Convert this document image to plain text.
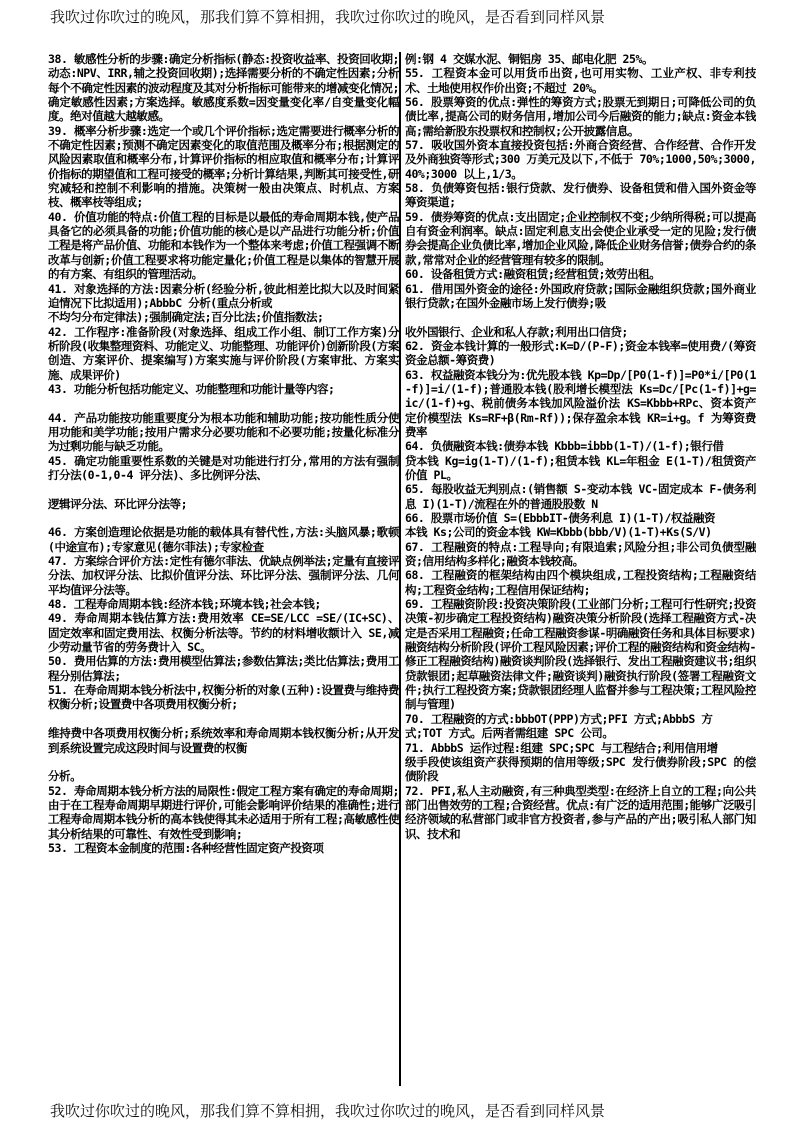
我吹过你吹过的晚风，那我们算不算相拥，我吹过你吹过的晚风，是否看到同样风景

38. 敏感性分析的步骤:确定分析指标(静态:投资收益率、投资回收期;动态:NPV、IRR,辅之投资回收期);选择需要分析的不确定性因素;分析每个不确定性因素的波动程度及其对分析指标可能带来的增减变化情况;确定敏感性因素;方案选择。敏感度系数=因变量变化率/自变量变化幅度。绝对值越大越敏感。

39. 概率分析步骤:选定一个或几个评价指标;选定需要进行概率分析的不确定性因素;预测不确定因素变化的取值范围及概率分布;根据测定的风险因素取值和概率分布,计算评价指标的相应取值和概率分布;计算评价指标的期望值和工程可接受的概率;分析计算结果,判断其可接受性,研究减轻和控制不利影响的措施。决策树一般由决策点、时机点、方案枝、概率枝等组成;

40. 价值功能的特点:价值工程的目标是以最低的寿命周期本钱,使产品具备它的必须具备的功能;价值功能的核心是以产品进行功能分析;价值工程是将产品价值、功能和本钱作为一个整体来考虑;价值工程强调不断改革与创新;价值工程要求将功能定量化;价值工程是以集体的智慧开展的有方案、有组织的管理活动。

41. 对象选择的方法:因素分析(经验分析,彼此相差比拟大以及时间紧迫情况下比拟适用);AbbbC 分析(重点分析或

不均匀分布定律法);强制确定法;百分比法;价值指数法;

42. 工作程序:准备阶段(对象选择、组成工作小组、制订工作方案)分析阶段(收集整理资料、功能定义、功能整理、功能评价)创新阶段(方案创造、方案评价、提案编写)方案实施与评价阶段(方案审批、方案实施、成果评价)

43. 功能分析包括功能定义、功能整理和功能计量等内容;

44. 产品功能按功能重要度分为根本功能和辅助功能;按功能性质分使用功能和美学功能;按用户需求分必要功能和不必要功能;按量化标准分为过剩功能与缺乏功能。

45. 确定功能重要性系数的关键是对功能进行打分,常用的方法有强制打分法(0-1,0-4 评分法)、多比例评分法、

逻辑评分法、环比评分法等;

46. 方案创造理论依据是功能的载体具有替代性,方法:头脑风暴;歌顿(中途宣布);专家意见(德尔菲法);专家检查

47. 方案综合评价方法:定性有德尔菲法、优缺点例举法;定量有直接评分法、加权评分法、比拟价值评分法、环比评分法、强制评分法、几何平均值评分法等。

48. 工程寿命周期本钱:经济本钱;环境本钱;社会本钱;

49. 寿命周期本钱估算方法:费用效率 CE=SE/LCC =SE/(IC+SC)、固定效率和固定费用法、权衡分析法等。节约的材料增收额计入 SE,减少劳动量节省的劳务费计入 SC。

50. 费用估算的方法:费用模型估算法;参数估算法;类比估算法;费用工程分别估算法;

51. 在寿命周期本钱分析法中,权衡分析的对象(五种):设置费与维持费权衡分析;设置费中各项费用权衡分析;

维持费中各项费用权衡分析;系统效率和寿命周期本钱权衡分析;从开发到系统设置完成这段时间与设置费的权衡

分析。

52. 寿命周期本钱分析方法的局限性:假定工程方案有确定的寿命周期;由于在工程寿命周期早期进行评价,可能会影响评价结果的准确性;进行工程寿命周期本钱分析的高本钱使得其未必适用于所有工程;高敏感性使其分析结果的可靠性、有效性受到影响;

53. 工程资本金制度的范围:各种经营性固定资产投资项

例:钢 4 交媒水泥、铜铝房 35、邮电化肥 25%。

55. 工程资本金可以用货币出资,也可用实物、工业产权、非专利技术、土地使用权作价出资;不超过 20%。

56. 股票筹资的优点:弹性的筹资方式;股票无到期日;可降低公司的负债比率,提高公司的财务信用,增加公司今后融资的能力;缺点:资金本钱高;需给新股东投票权和控制权;公开披露信息。

57. 吸收国外资本直接投资包括:外商合资经营、合作经营、合作开发及外商独资等形式;300 万美元及以下,不低于 70%;1000,50%;3000,40%;3000 以上,1/3。

58. 负债筹资包括:银行贷款、发行债券、设备租赁和借入国外资金等筹资渠道;

59. 债券筹资的优点:支出固定;企业控制权不变;少纳所得税;可以提高自有资金利润率。缺点:固定利息支出会使企业承受一定的见险;发行债券会提高企业负债比率,增加企业风险,降低企业财务信誉;债券合约的条款,常常对企业的经营管理有较多的限制。

60. 设备租赁方式:融资租赁;经营租赁;效劳出租。

61. 借用国外资金的途径:外国政府贷款;国际金融组织贷款;国外商业银行贷款;在国外金融市场上发行债券;吸

收外国银行、企业和私人存款;利用出口信贷;

62. 资金本钱计算的一般形式:K=D/(P-F);资金本钱率=使用费/(筹资资金总额-筹资费)

63. 权益融资本钱分为:优先股本钱 Kp=Dp/[P0(1-f)]=P0*i/[P0(1-f)]=i/(1-f);普通股本钱(股利增长模型法 Ks=Dc/[Pc(1-f)]+g=ic/(1-f)+g、税前债务本钱加风险溢价法 KS=Kbbb+RPc、资本资产定价模型法 Ks=RF+β(Rm-Rf));保存盈余本钱 KR=i+g。f 为筹资费费率

64. 负债融资本钱:债券本钱 Kbbb=ibbb(1-T)/(1-f);银行借

贷本钱 Kg=ig(1-T)/(1-f);租赁本钱 KL=年租金 E(1-T)/租赁资产价值 PL。

65. 每股收益无判别点:(销售额 S-变动本钱 VC-固定成本 F-债务利息 I)(1-T)/流程在外的普通股股数 N

66. 股票市场价值 S=(EbbbIT-债务利息 I)(1-T)/权益融资

本钱 Ks;公司的资金本钱 KW=Kbbb(bbb/V)(1-T)+Ks(S/V)

67. 工程融资的特点:工程导向;有限追索;风险分担;非公司负债型融资;信用结构多样化;融资本钱较高。

68. 工程融资的框架结构由四个模块组成,工程投资结构;工程融资结构;工程资金结构;工程信用保证结构;

69. 工程融资阶段:投资决策阶段(工业部门分析;工程可行性研究;投资决策-初步确定工程投资结构)融资决策分析阶段(选择工程融资方式-决定是否采用工程融资;任命工程融资参谋-明确融资任务和具体目标要求)融资结构分析阶段(评价工程风险因素;评价工程的融资结构和资金结构-修正工程融资结构)融资谈判阶段(选择银行、发出工程融资建议书;组织贷款银团;起草融资法律文件;融资谈判)融资执行阶段(签署工程融资文件;执行工程投资方案;贷款银团经理人监督并参与工程决策;工程风险控制与管理)

70. 工程融资的方式:bbbOT(PPP)方式;PFI 方式;AbbbS 方

式;TOT 方式。后两者需组建 SPC 公司。

71. AbbbS 运作过程:组建 SPC;SPC 与工程结合;利用信用增

级手段使该组资产获得预期的信用等级;SPC 发行债券阶段;SPC 的偿债阶段

72. PFI,私人主动融资,有三种典型类型:在经济上自立的工程;向公共部门出售效劳的工程;合资经营。优点:有广泛的适用范围;能够广泛吸引经济领域的私营部门或非官方投资者,参与产品的产出;吸引私人部门知识、技术和

我吹过你吹过的晚风，那我们算不算相拥，我吹过你吹过的晚风，是否看到同样风景
